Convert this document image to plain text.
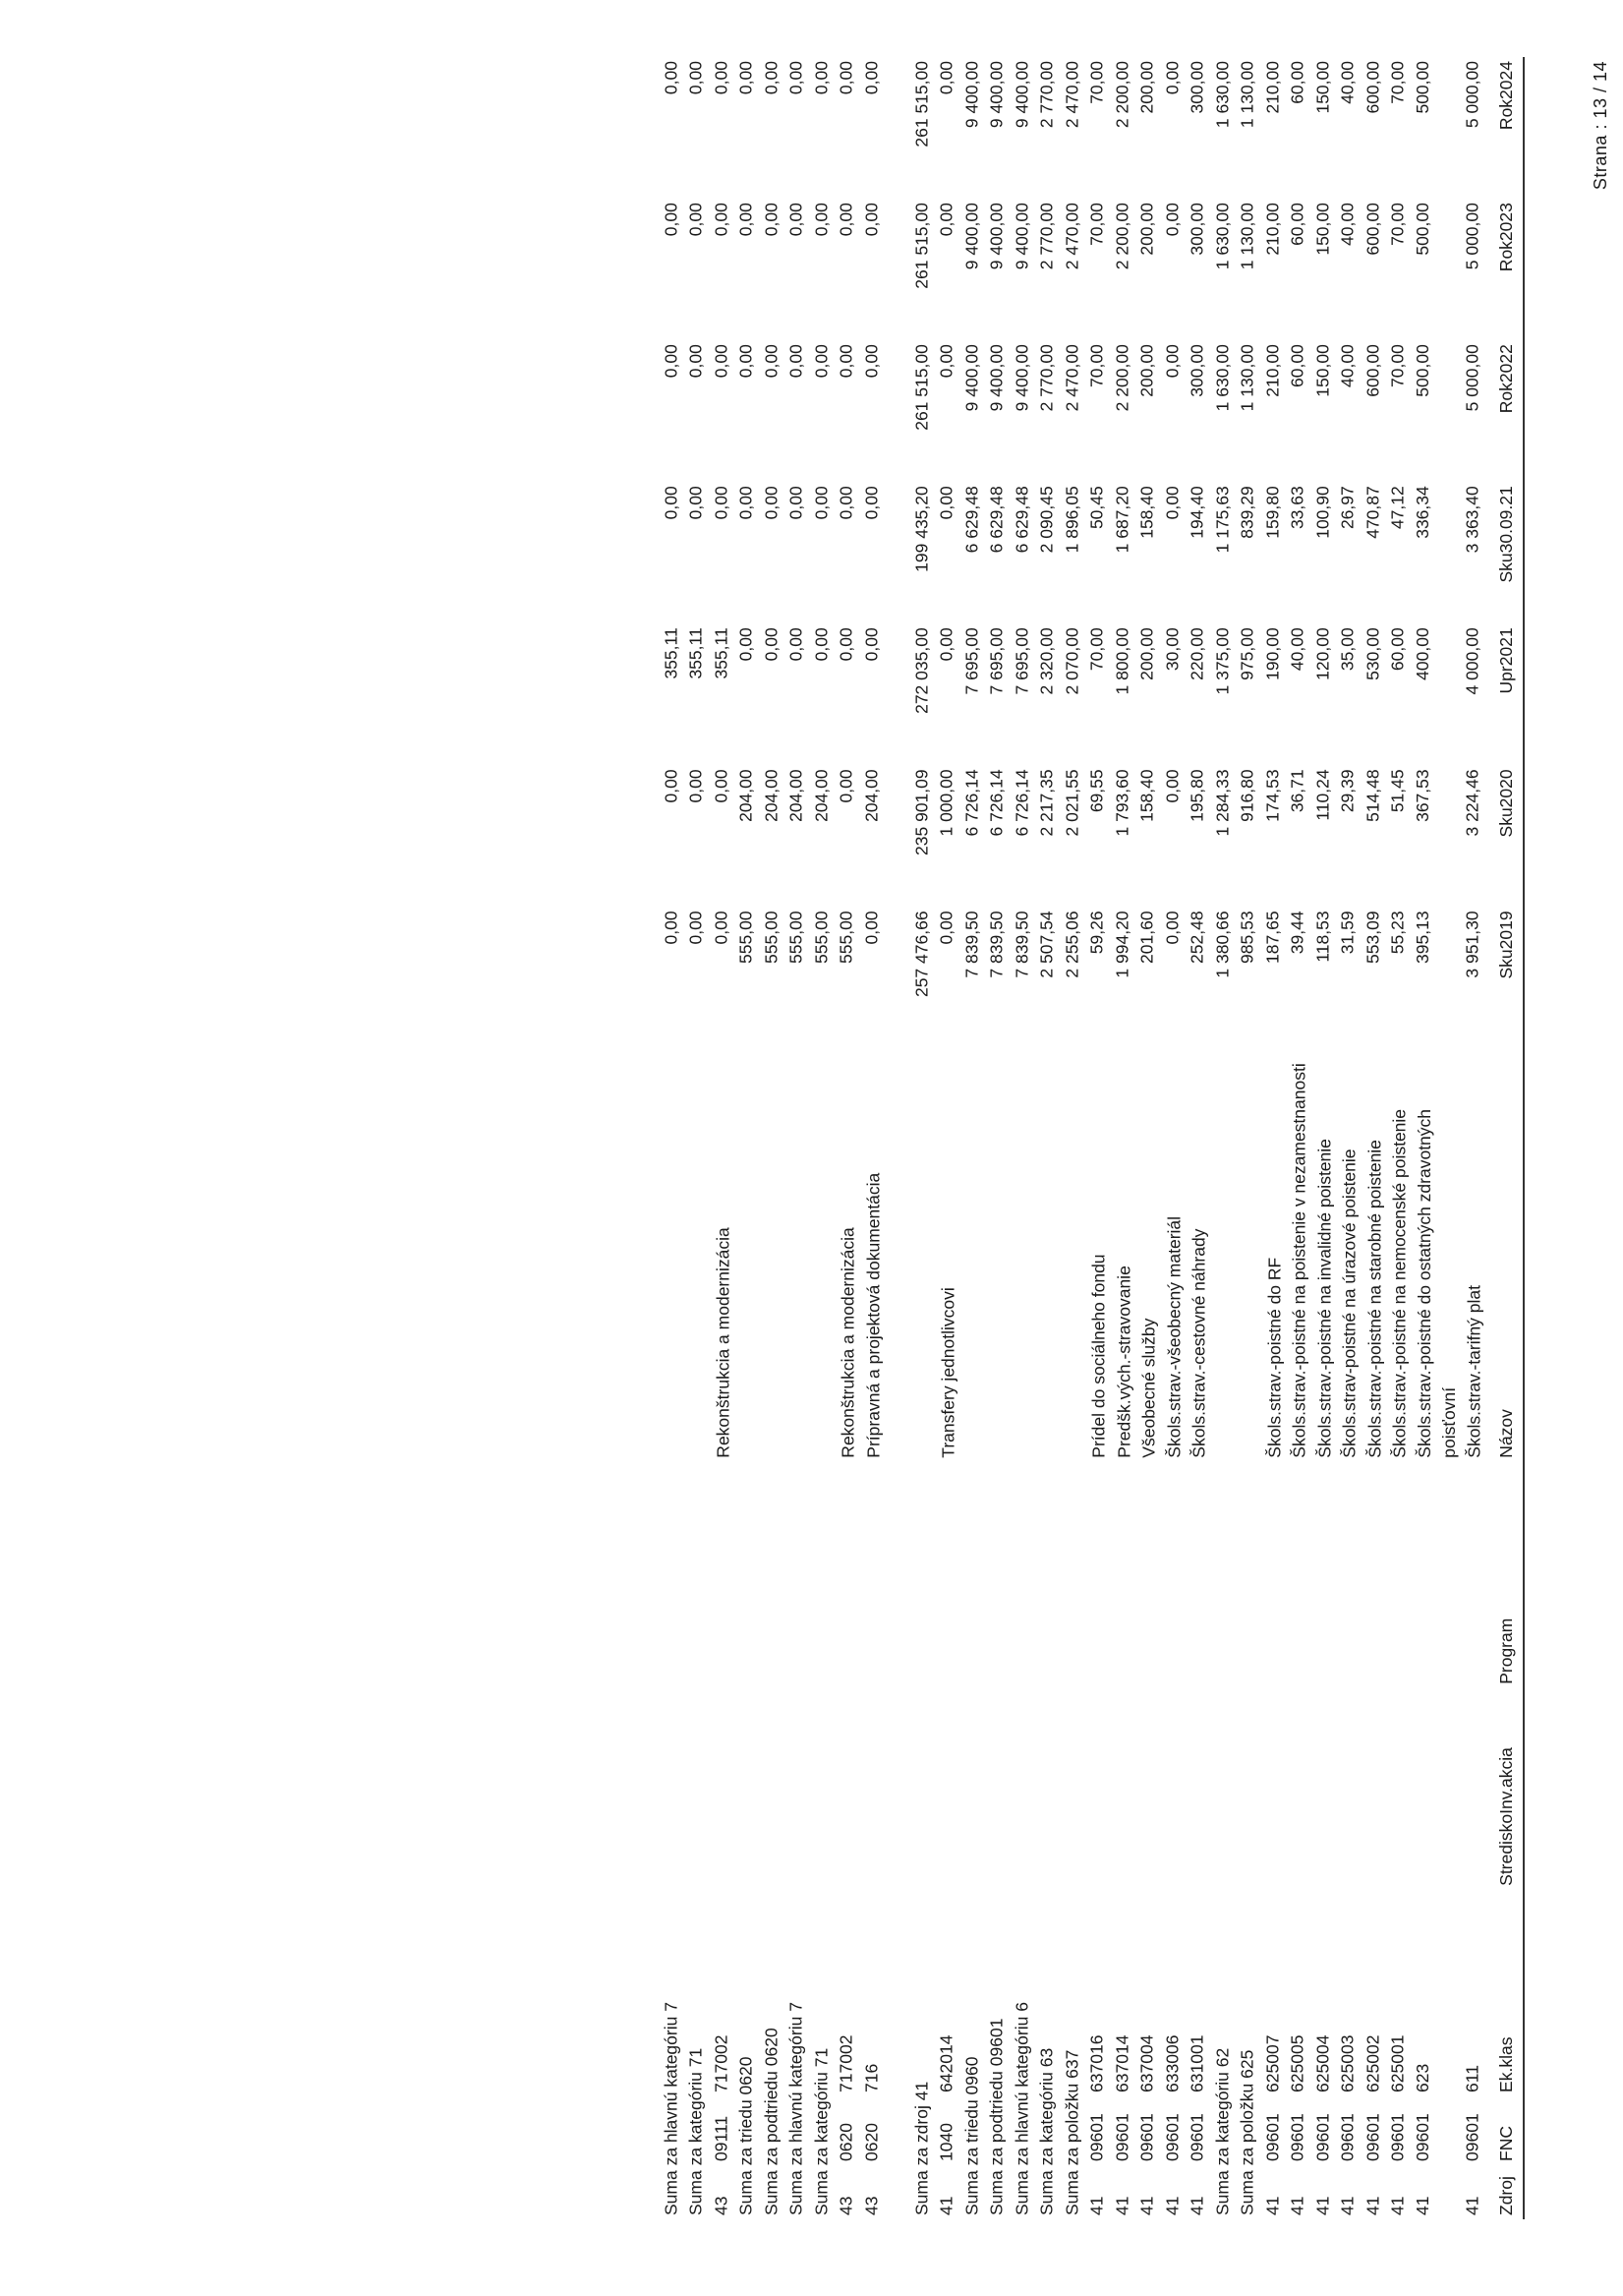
Strana : 13 / 14
Zdroj	FNC	Ek.klas	StrediskoInv.akcia	Program	Názov	Sku2019	Sku2020	Upr2021	Sku30.09.21	Rok2022	Rok2023	Rok2024
41	09601	611			Škols.strav.-tarifný plat	3 951,30	3 224,46	4 000,00	3 363,40	5 000,00	5 000,00	5 000,00
41	09601	623			Škols.strav.-poistné do ostatných zdravotných poisťovní	395,13	367,53	400,00	336,34	500,00	500,00	500,00
41	09601	625001			Škols.strav.-poistné na nemocenské poistenie	55,23	51,45	60,00	47,12	70,00	70,00	70,00
41	09601	625002			Škols.strav.-poistné na starobné poistenie	553,09	514,48	530,00	470,87	600,00	600,00	600,00
41	09601	625003			Škols.strav-poistné na úrazové poistenie	31,59	29,39	35,00	26,97	40,00	40,00	40,00
41	09601	625004			Škols.strav.-poistné na invalidné poistenie	118,53	110,24	120,00	100,90	150,00	150,00	150,00
41	09601	625005			Škols.strav.-poistné na poistenie v nezamestnanosti	39,44	36,71	40,00	33,63	60,00	60,00	60,00
41	09601	625007			Škols.strav.-poistné do RF	187,65	174,53	190,00	159,80	210,00	210,00	210,00
Suma za položku 625						985,53	916,80	975,00	839,29	1 130,00	1 130,00	1 130,00
Suma za kategóriu 62						1 380,66	1 284,33	1 375,00	1 175,63	1 630,00	1 630,00	1 630,00
41	09601	631001			Škols.strav.-cestovné náhrady	252,48	195,80	220,00	194,40	300,00	300,00	300,00
41	09601	633006			Škols.strav.-všeobecný materiál	0,00	0,00	30,00	0,00	0,00	0,00	0,00
41	09601	637004			Všeobecné služby	201,60	158,40	200,00	158,40	200,00	200,00	200,00
41	09601	637014			Predšk.vých.-stravovanie	1 994,20	1 793,60	1 800,00	1 687,20	2 200,00	2 200,00	2 200,00
41	09601	637016			Prídel do sociálneho fondu	59,26	69,55	70,00	50,45	70,00	70,00	70,00
Suma za položku 637						2 255,06	2 021,55	2 070,00	1 896,05	2 470,00	2 470,00	2 470,00
Suma za kategóriu 63						2 507,54	2 217,35	2 320,00	2 090,45	2 770,00	2 770,00	2 770,00
Suma za hlavnú kategóriu 6						7 839,50	6 726,14	7 695,00	6 629,48	9 400,00	9 400,00	9 400,00
Suma za podtriedu 09601						7 839,50	6 726,14	7 695,00	6 629,48	9 400,00	9 400,00	9 400,00
Suma za triedu 0960						7 839,50	6 726,14	7 695,00	6 629,48	9 400,00	9 400,00	9 400,00
41	1040	642014			Transfery jednotlivcovi	0,00	1 000,00	0,00	0,00	0,00	0,00	0,00
Suma za zdroj 41						257 476,66	235 901,09	272 035,00	199 435,20	261 515,00	261 515,00	261 515,00

43	0620	716			Prípravná a projektová dokumentácia	0,00	204,00	0,00	0,00	0,00	0,00	0,00
43	0620	717002			Rekonštrukcia a modernizácia	555,00	0,00	0,00	0,00	0,00	0,00	0,00
Suma za kategóriu 71						555,00	204,00	0,00	0,00	0,00	0,00	0,00
Suma za hlavnú kategóriu 7						555,00	204,00	0,00	0,00	0,00	0,00	0,00
Suma za podtriedu 0620						555,00	204,00	0,00	0,00	0,00	0,00	0,00
Suma za triedu 0620						555,00	204,00	0,00	0,00	0,00	0,00	0,00
43	09111	717002			Rekonštrukcia a modernizácia	0,00	0,00	355,11	0,00	0,00	0,00	0,00
Suma za kategóriu 71						0,00	0,00	355,11	0,00	0,00	0,00	0,00
Suma za hlavnú kategóriu 7						0,00	0,00	355,11	0,00	0,00	0,00	0,00
